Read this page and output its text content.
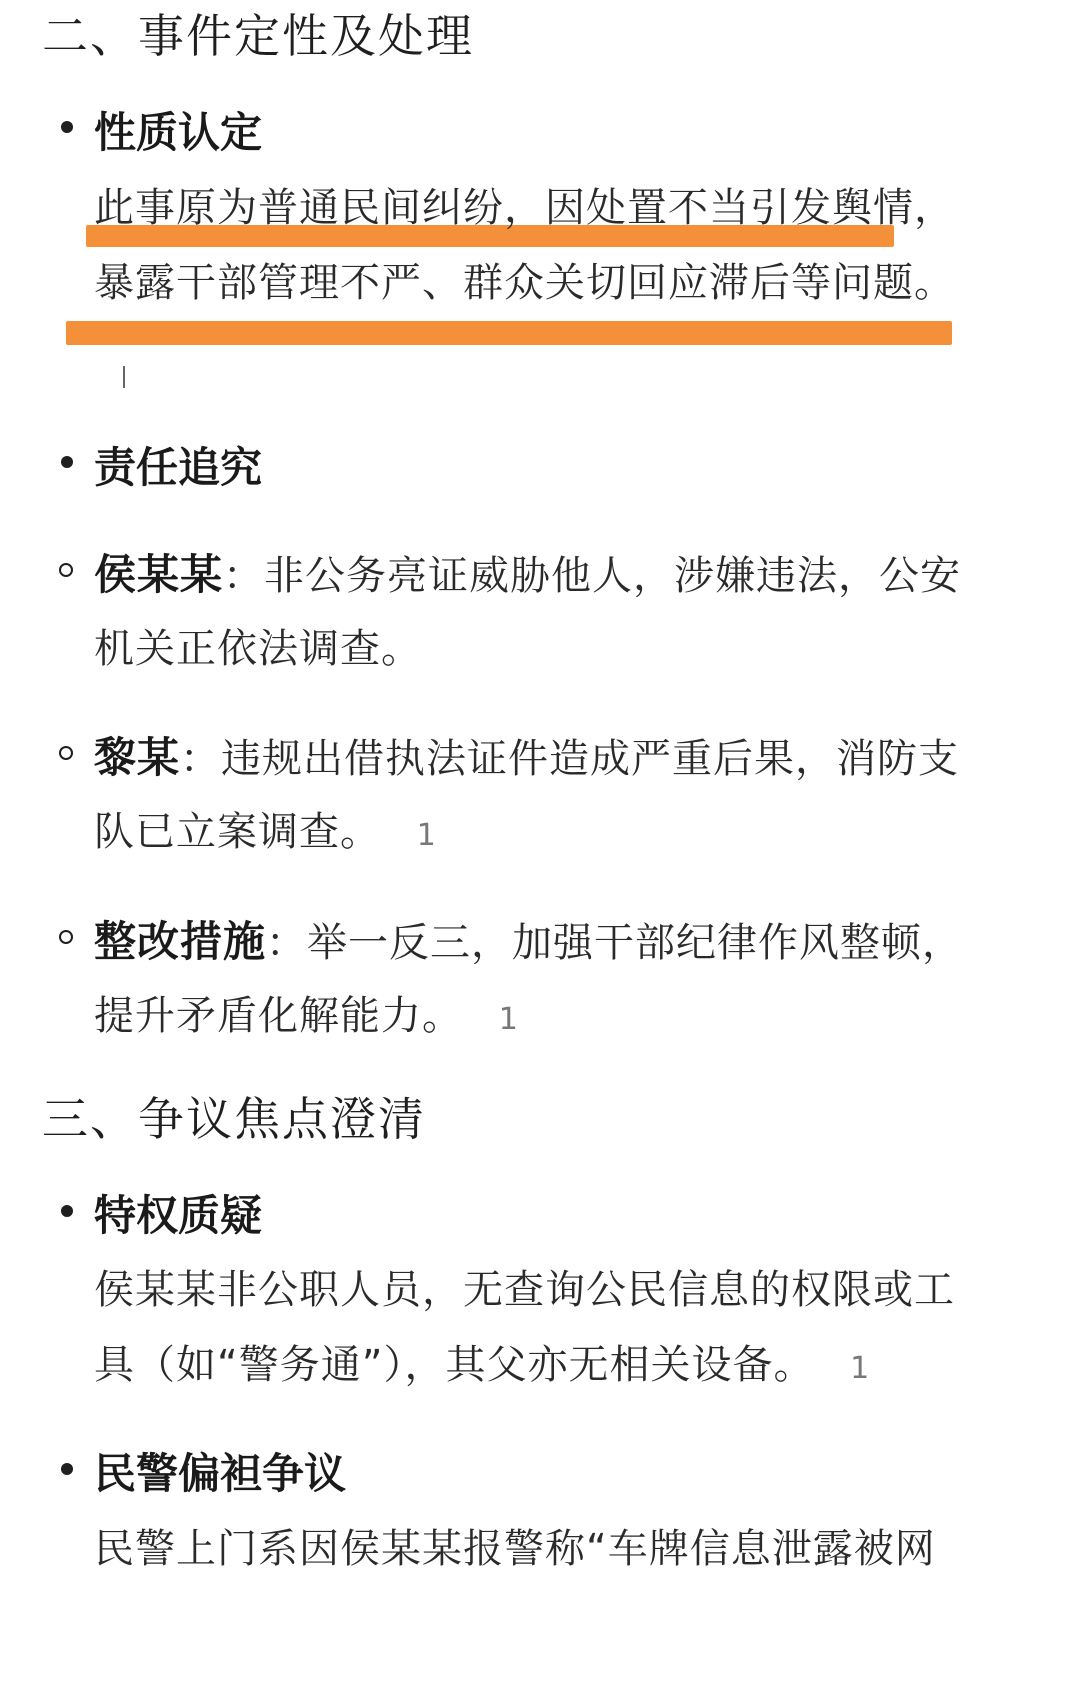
二、事件定性及处理
性质认定
此事原为普通民间纠纷，因处置不当引发舆情，
暴露干部管理不严、群众关切回应滞后等问题。
责任追究
侯某某：非公务亮证威胁他人，涉嫌违法，公安
机关正依法调查。
黎某：违规出借执法证件造成严重后果，消防支
队已立案调查。 1
整改措施：举一反三，加强干部纪律作风整顿，
提升矛盾化解能力。 1
三、争议焦点澄清
特权质疑
侯某某非公职人员，无查询公民信息的权限或工
具（如“警务通”），其父亦无相关设备。 1
民警偏袒争议
民警上门系因侯某某报警称“车牌信息泄露被网
